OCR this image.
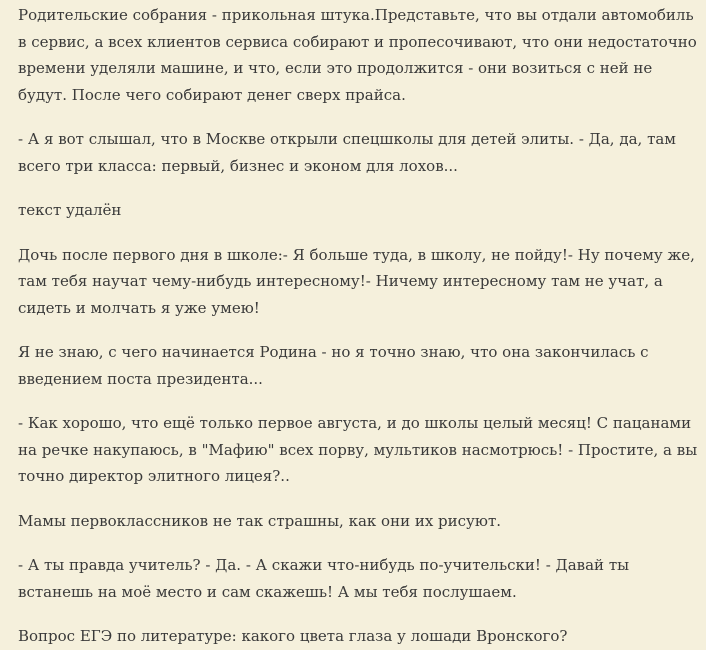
Родительские собрания - прикольная штука.Представьте, что вы отдали автомобиль в сервис, а всех клиентов сервиса собирают и пропесочивают, что они недостаточно времени уделяли машине, и что, если это продолжится - они возиться с ней не будут. После чего собирают денег сверх прайса.

- А я вот слышал, что в Москве открыли спецшколы для детей элиты. - Да, да, там всего три класса: первый, бизнес и эконом для лохов...

текст удалён

Дочь после первого дня в школе:- Я больше туда, в школу, не пойду!- Ну почему же, там тебя научат чему-нибудь интересному!- Ничему интересному там не учат, а сидеть и молчать я уже умею!

Я не знаю, с чего начинается Родина - но я точно знаю, что она закончилась с введением поста президента...

- Как хорошо, что ещё только первое августа, и до школы целый месяц! С пацанами на речке накупаюсь, в "Мафию" всех порву, мультиков насмотрюсь! - Простите, а вы точно директор элитного лицея?..

Мамы первоклассников не так страшны, как они их рисуют.

- А ты правда учитель? - Да. - А скажи что-нибудь по-учительски! - Давай ты встанешь на моё место и сам скажешь! А мы тебя послушаем.

Вопрос ЕГЭ по литературе: какого цвета глаза у лошади Вронского?
